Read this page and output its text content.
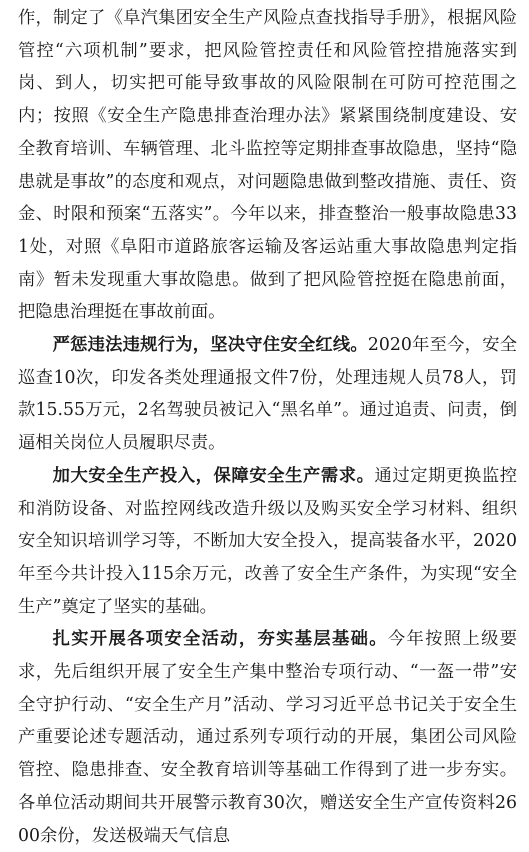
作，制定了《阜汽集团安全生产风险点查找指导手册》，根据风险管控“六项机制”要求，把风险管控责任和风险管控措施落实到岗、到人，切实把可能导致事故的风险限制在可防可控范围之内；按照《安全生产隐患排查治理办法》紧紧围绕制度建设、安全教育培训、车辆管理、北斗监控等定期排查事故隐患，坚持“隐患就是事故”的态度和观点，对问题隐患做到整改措施、责任、资金、时限和预案“五落实”。今年以来，排查整治一般事故隐患331处，对照《阜阳市道路旅客运输及客运站重大事故隐患判定指南》暂未发现重大事故隐患。做到了把风险管控挺在隐患前面，把隐患治理挺在事故前面。

严惩违法违规行为，坚决守住安全红线。2020年至今，安全巡查10次，印发各类处理通报文件7份，处理违规人员78人，罚款15.55万元，2名驾驶员被记入“黑名单”。通过追责、问责，倒逼相关岗位人员履职尽责。

加大安全生产投入，保障安全生产需求。通过定期更换监控和消防设备、对监控网线改造升级以及购买安全学习材料、组织安全知识培训学习等，不断加大安全投入，提高装备水平，2020年至今共计投入115余万元，改善了安全生产条件，为实现“安全生产”奠定了坚实的基础。

扎实开展各项安全活动，夯实基层基础。今年按照上级要求，先后组织开展了安全生产集中整治专项行动、“一盔一带”安全守护行动、“安全生产月”活动、学习习近平总书记关于安全生产重要论述专题活动，通过系列专项行动的开展，集团公司风险管控、隐患排查、安全教育培训等基础工作得到了进一步夯实。各单位活动期间共开展警示教育30次，赠送安全生产宣传资料2600余份，发送极端天气信息
